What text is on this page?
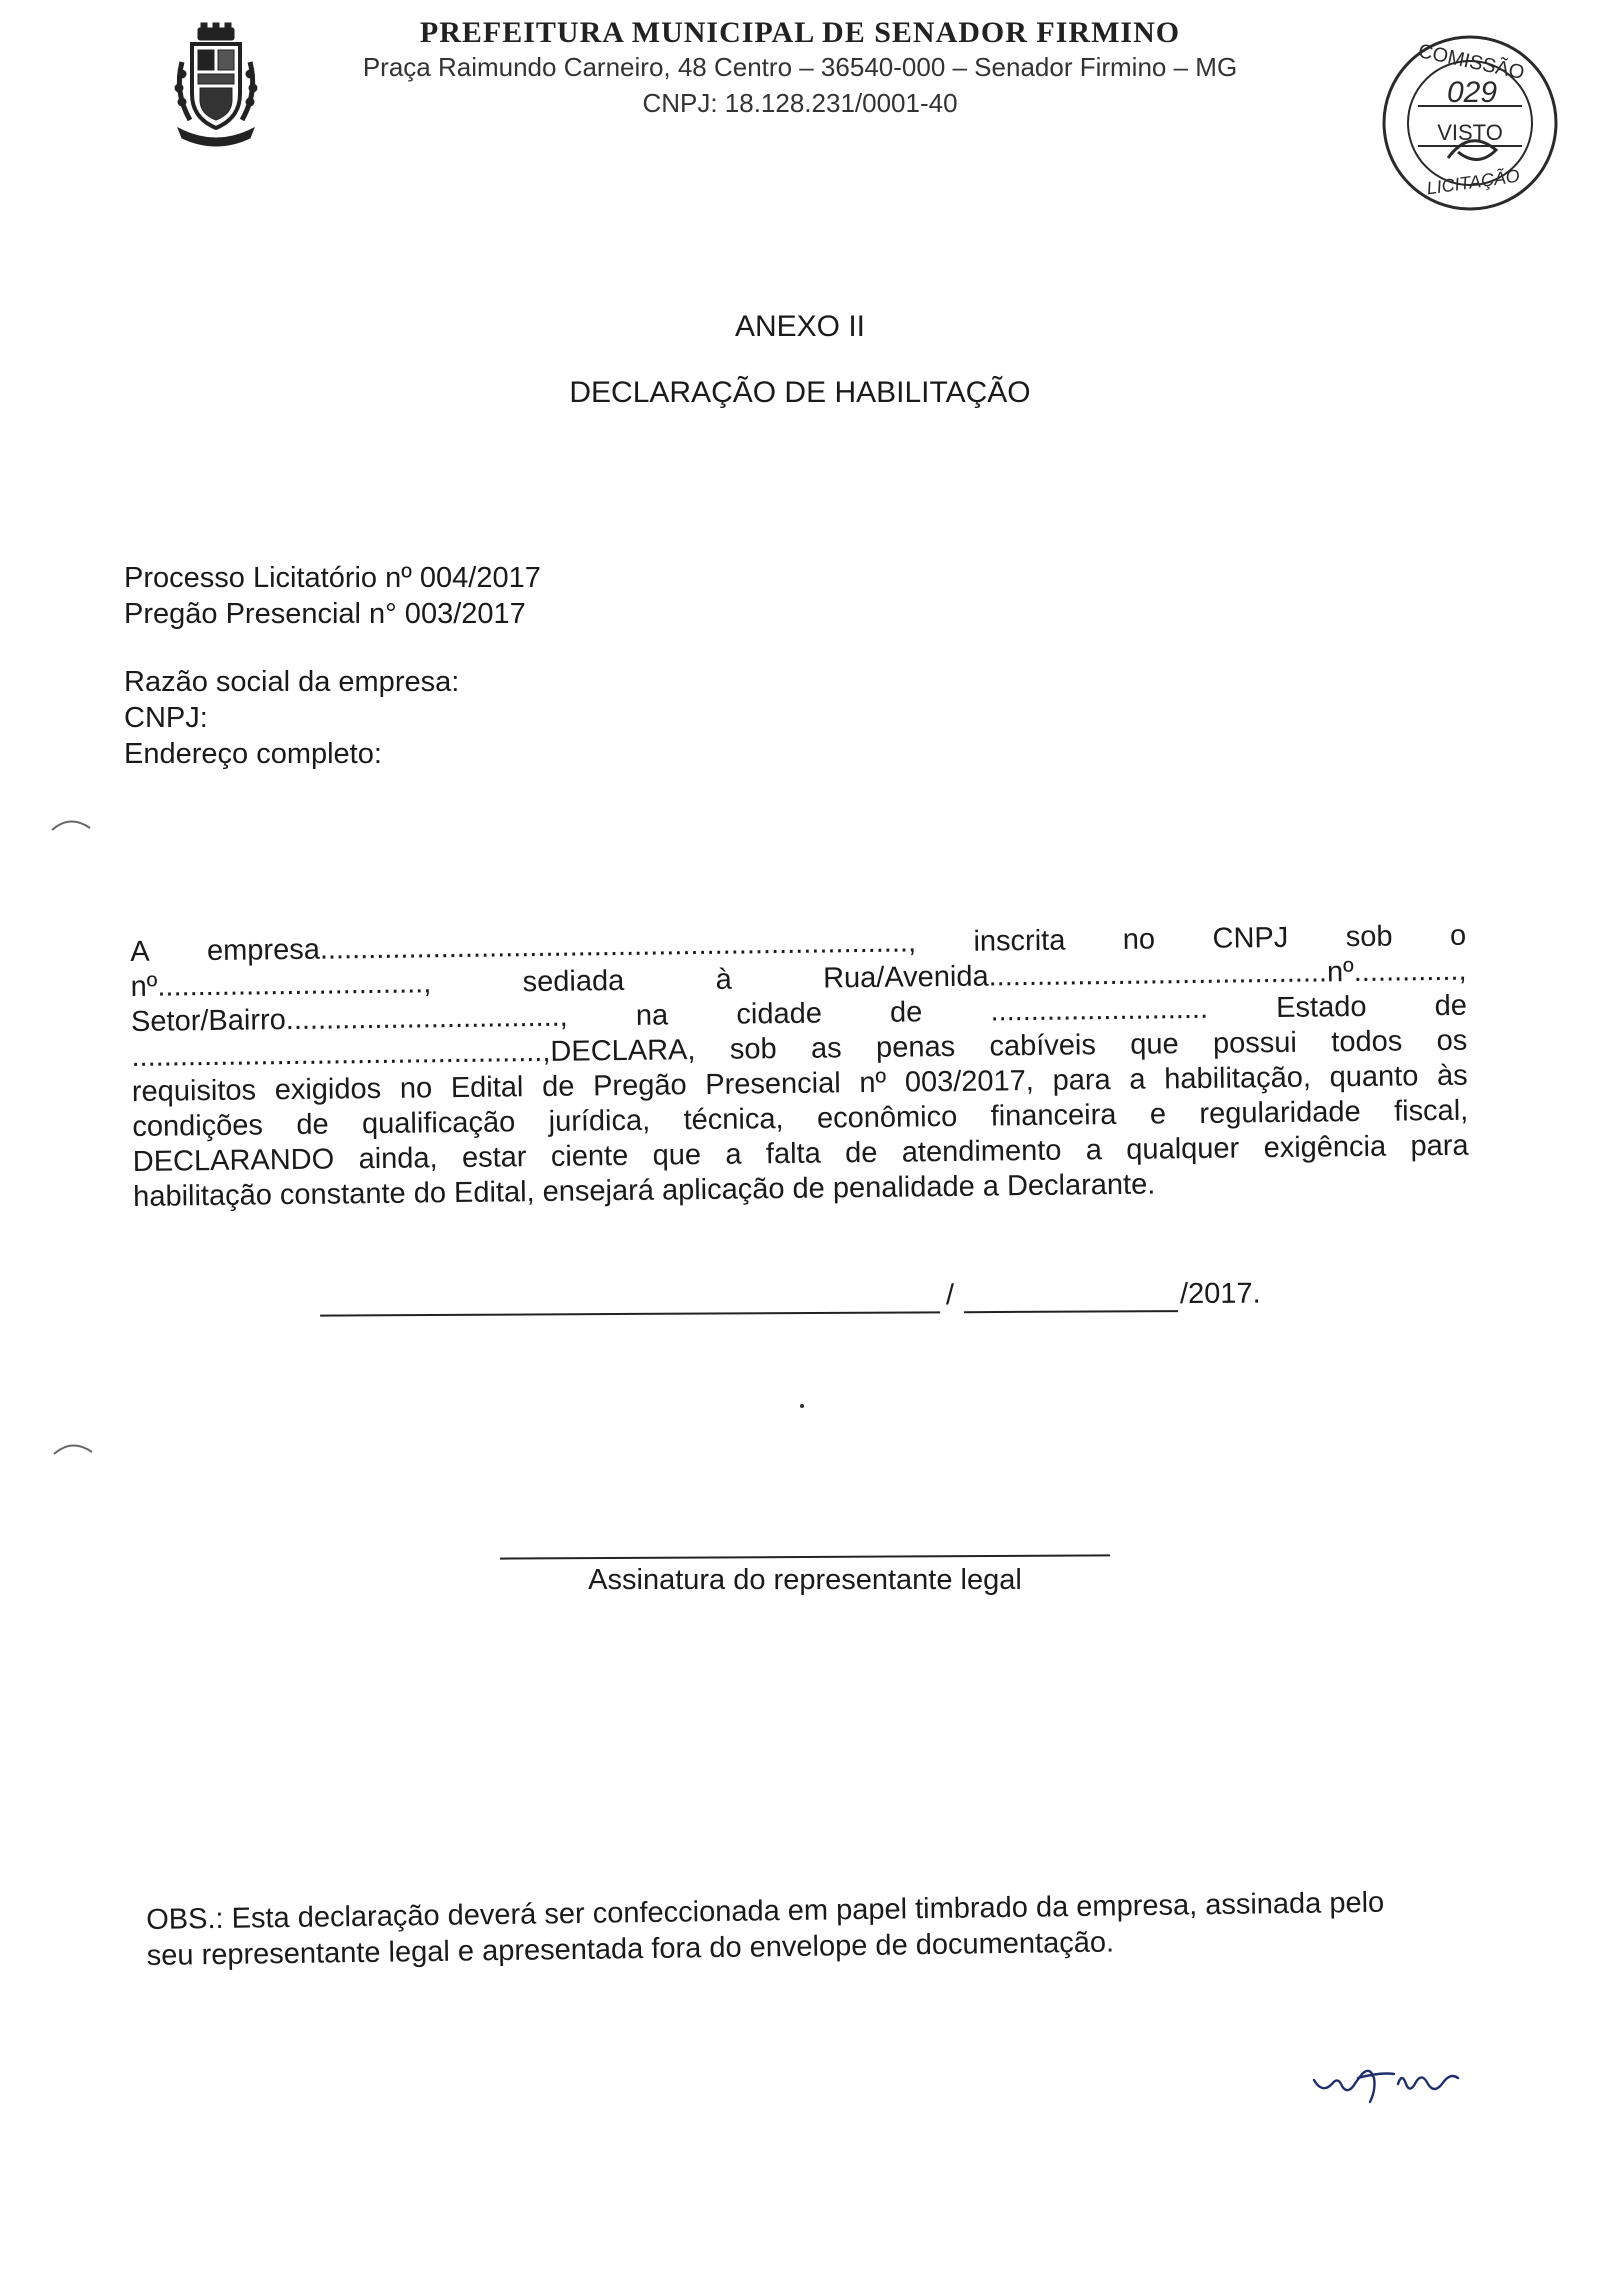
PREFEITURA MUNICIPAL DE SENADOR FIRMINO
Praça Raimundo Carneiro, 48 Centro – 36540-000 – Senador Firmino – MG
CNPJ: 18.128.231/0001-40
COMISSÃO
029
VISTO
LICITAÇÃO
ANEXO II
DECLARAÇÃO DE HABILITAÇÃO
Processo Licitatório nº 004/2017
Pregão Presencial n° 003/2017
Razão social da empresa:
CNPJ:
Endereço completo:
A empresa........................................................................., inscrita no CNPJ sob o
nº.................................,	sediada	à	Rua/Avenida..........................................nº.............,
Setor/Bairro.................................., na cidade de ........................... Estado de
...................................................,DECLARA, sob as penas cabíveis que possui todos os
requisitos exigidos no Edital de Pregão Presencial nº 003/2017, para a habilitação, quanto às
condições de qualificação jurídica, técnica, econômico financeira e regularidade fiscal,
DECLARANDO ainda, estar ciente que a falta de atendimento a qualquer exigência para
habilitação constante do Edital, ensejará aplicação de penalidade a Declarante.
/	/2017.
Assinatura do representante legal
OBS.: Esta declaração deverá ser confeccionada em papel timbrado da empresa, assinada pelo
seu representante legal e apresentada fora do envelope de documentação.
